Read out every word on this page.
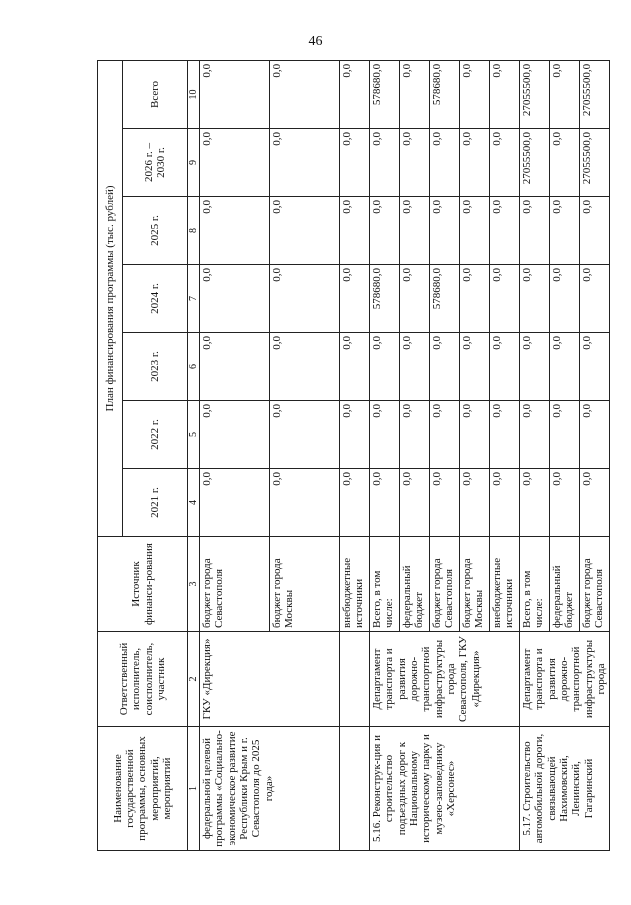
46
Наименование государственной программы, основных мероприятий, мероприятий	Ответственный исполнитель, соисполнитель, участник	Источник финанси-рования	План финансирования программы (тыс. рублей)						
			2021 г.	2022 г.	2023 г.	2024 г.	2025 г.	2026 г. – 2030 г.	Всего
1	2	3	4	5	6	7	8	9	10
федеральной целевой программы «Социально-экономическое развитие Республики Крым и г. Севастополя до 2025 года»	ГКУ «Дирекция»	бюджет города Севастополя	0,0	0,0	0,0	0,0	0,0	0,0	0,0
		бюджет города Москвы	0,0	0,0	0,0	0,0	0,0	0,0	0,0
		внебюджетные источники	0,0	0,0	0,0	0,0	0,0	0,0	0,0
5.16. Реконструк-ция и строительство подъездных дорог к Национальному историческому парку и музею-заповеднику «Херсонес»	Департамент транспорта и развития дорожно-транспортной инфраструктуры города Севастополя, ГКУ «Дирекция»	Всего, в том числе:	0,0	0,0	0,0	578680,0	0,0	0,0	578680,0
		федеральный бюджет	0,0	0,0	0,0	0,0	0,0	0,0	0,0
		бюджет города Севастополя	0,0	0,0	0,0	578680,0	0,0	0,0	578680,0
		бюджет города Москвы	0,0	0,0	0,0	0,0	0,0	0,0	0,0
		внебюджетные источники	0,0	0,0	0,0	0,0	0,0	0,0	0,0
5.17. Строительство автомобильной дороги, связывающей Нахимовский, Ленинский, Гагаринский	Департамент транспорта и развития дорожно-транспортной инфраструктуры города	Всего, в том числе:	0,0	0,0	0,0	0,0	0,0	27055500,0	27055500,0
		федеральный бюджет	0,0	0,0	0,0	0,0	0,0	0,0	0,0
		бюджет города Севастополя	0,0	0,0	0,0	0,0	0,0	27055500,0	27055500,0
